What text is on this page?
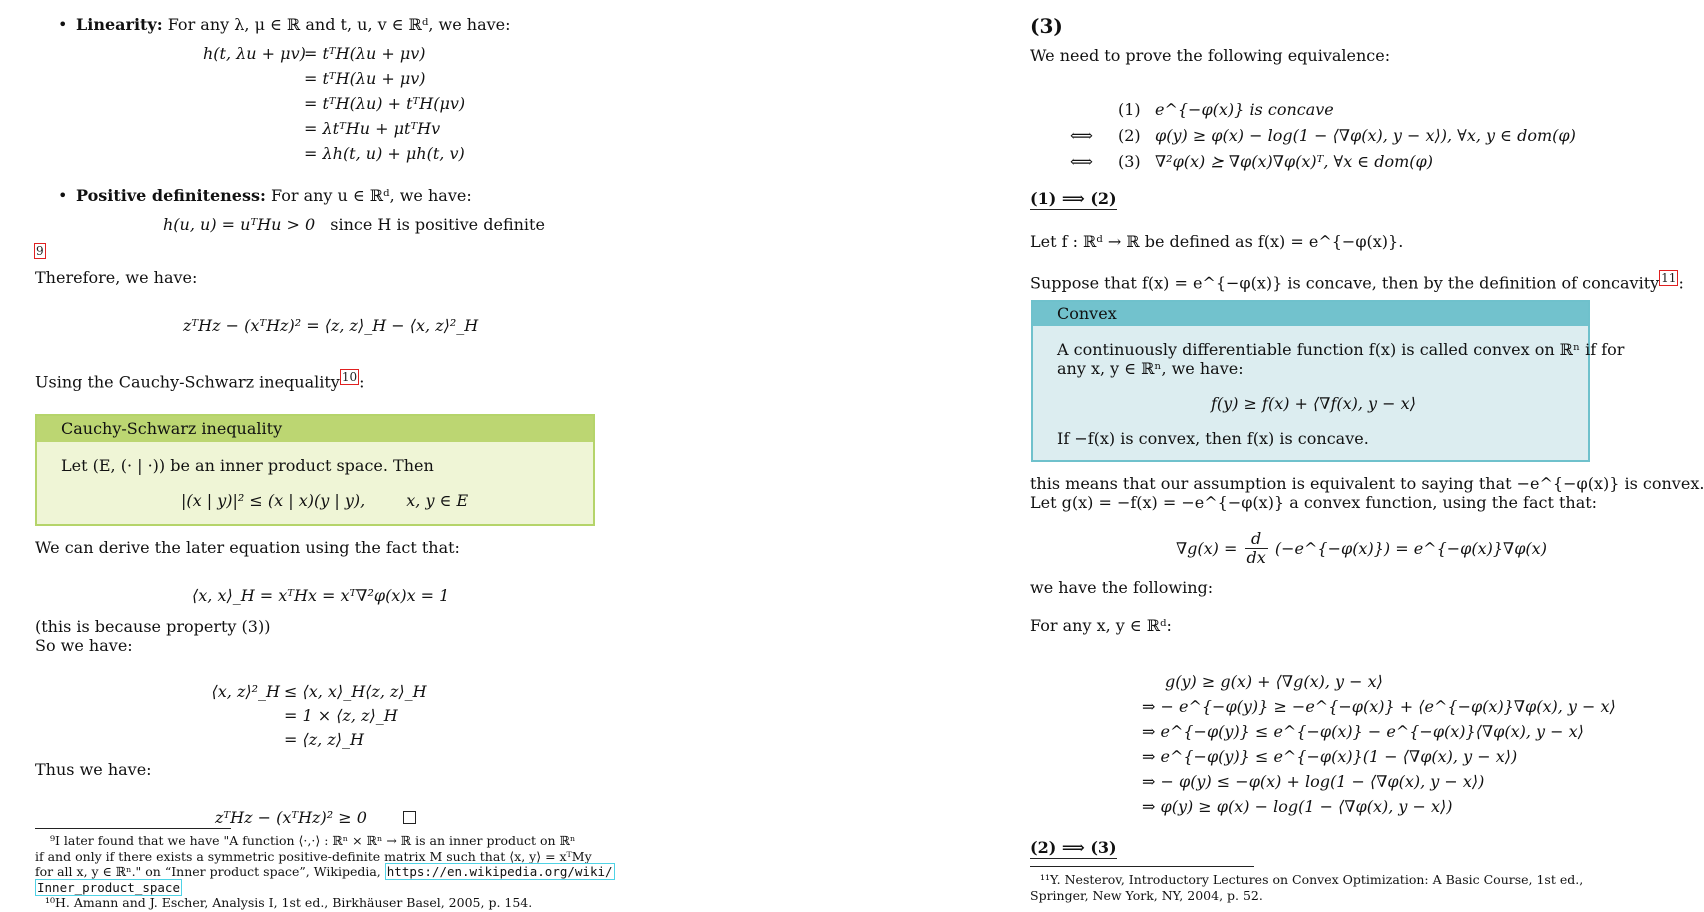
• Linearity: For any λ, μ ∈ ℝ and t, u, v ∈ ℝᵈ, we have:
h(t, λu + μv)
= tᵀH(λu + μv)
= tᵀH(λu + μv)
= tᵀH(λu) + tᵀH(μv)
= λtᵀHu + μtᵀHv
= λh(t, u) + μh(t, v)
• Positive definiteness: For any u ∈ ℝᵈ, we have:
h(u, u) = uᵀHu > 0 since H is positive definite
$^9$
Therefore, we have:
zᵀHz − (xᵀHz)² = ⟨z, z⟩_H − ⟨x, z⟩²_H
Using the Cauchy-Schwarz inequality $^{10}$ :
Cauchy-Schwarz inequality
Let (E, (· | ·)) be an inner product space. Then
|(x | y)|² ≤ (x | x)(y | y),	x, y ∈ E
We can derive the later equation using the fact that:
⟨x, x⟩_H = xᵀHx = xᵀ∇²φ(x)x = 1
(this is because property (3))
So we have:
⟨x, z⟩²_H ≤ ⟨x, x⟩_H⟨z, z⟩_H
= 1 × ⟨z, z⟩_H
= ⟨z, z⟩_H
Thus we have:
zᵀHz − (xᵀHz)² ≥ 0
⁹I later found that we have "A function ⟨·,·⟩ : ℝⁿ × ℝⁿ → ℝ is an inner product on ℝⁿ
if and only if there exists a symmetric positive-definite matrix M such that ⟨x, y⟩ = xᵀMy
for all x, y ∈ ℝⁿ." on “Inner product space”, Wikipedia, https://en.wikipedia.org/wiki/
Inner_product_space
¹⁰H. Amann and J. Escher, Analysis I, 1st ed., Birkhäuser Basel, 2005, p. 154.
(3)
We need to prove the following equivalence:
(1) e^{−φ(x)} is concave
⟺ (2) φ(y) ≥ φ(x) − log(1 − ⟨∇φ(x), y − x⟩), ∀x, y ∈ dom(φ)
⟺ (3) ∇²φ(x) ⪰ ∇φ(x)∇φ(x)ᵀ, ∀x ∈ dom(φ)
(1) ⟹ (2)
Let f : ℝᵈ → ℝ be defined as f(x) = e^{−φ(x)}.
Suppose that f(x) = e^{−φ(x)} is concave, then by the definition of concavity $^{11}$ :
Convex
A continuously differentiable function f(x) is called convex on ℝⁿ if for
any x, y ∈ ℝⁿ, we have:
f(y) ≥ f(x) + ⟨∇f(x), y − x⟩
If −f(x) is convex, then f(x) is concave.
this means that our assumption is equivalent to saying that −e^{−φ(x)} is convex.
Let g(x) = −f(x) = −e^{−φ(x)} a convex function, using the fact that:
$\nabla g(x) = \frac{d}{dx}$ (−e^{−φ(x)}) = e^{−φ(x)}∇φ(x)
we have the following:
For any x, y ∈ ℝᵈ:
g(y) ≥ g(x) + ⟨∇g(x), y − x⟩
⇒ − e^{−φ(y)} ≥ −e^{−φ(x)} + ⟨e^{−φ(x)}∇φ(x), y − x⟩
⇒ e^{−φ(y)} ≤ e^{−φ(x)} − e^{−φ(x)}⟨∇φ(x), y − x⟩
⇒ e^{−φ(y)} ≤ e^{−φ(x)}(1 − ⟨∇φ(x), y − x⟩)
⇒ − φ(y) ≤ −φ(x) + log(1 − ⟨∇φ(x), y − x⟩)
⇒ φ(y) ≥ φ(x) − log(1 − ⟨∇φ(x), y − x⟩)
(2) ⟹ (3)
¹¹Y. Nesterov, Introductory Lectures on Convex Optimization: A Basic Course, 1st ed.,
Springer, New York, NY, 2004, p. 52.
